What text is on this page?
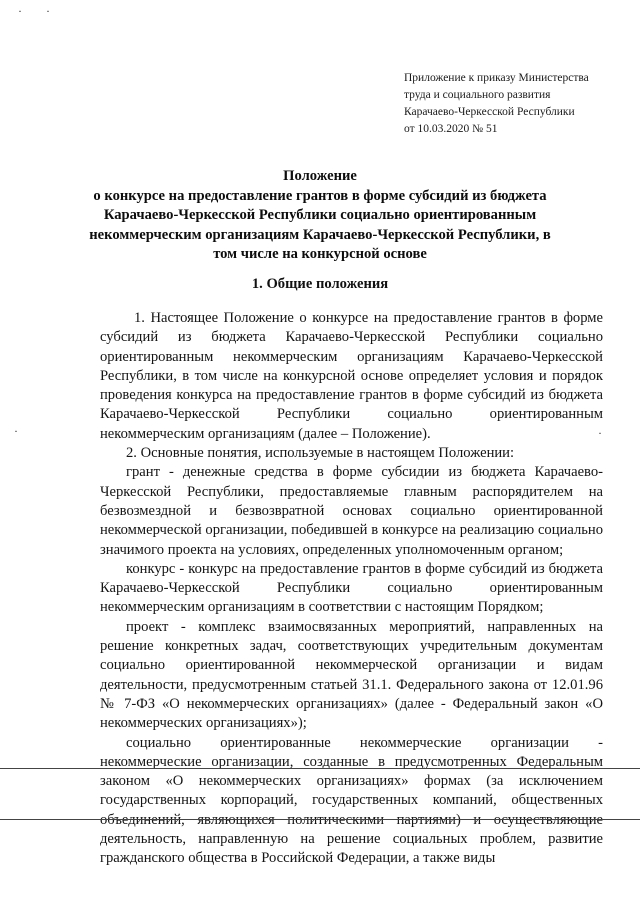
· ·
·	·
Приложение к приказу Министерства
труда и социального развития
Карачаево-Черкесской Республики
от 10.03.2020 № 51
Положение
о конкурсе на предоставление грантов в форме субсидий из бюджета
Карачаево-Черкесской Республики социально ориентированным
некоммерческим организациям Карачаево-Черкесской Республики, в
том числе на конкурсной основе
1. Общие положения

1. Настоящее Положение о конкурсе на предоставление грантов в форме субсидий из бюджета Карачаево-Черкесской Республики социально ориентированным некоммерческим организациям Карачаево-Черкесской Республики, в том числе на конкурсной основе определяет условия и порядок проведения конкурса на предоставление грантов в форме субсидий из бюджета Карачаево-Черкесской Республики социально ориентированным некоммерческим организациям (далее – Положение).

2. Основные понятия, используемые в настоящем Положении:

грант - денежные средства в форме субсидии из бюджета Карачаево-Черкесской Республики, предоставляемые главным распорядителем на безвозмездной и безвозвратной основах социально ориентированной некоммерческой организации, победившей в конкурсе на реализацию социально значимого проекта на условиях, определенных уполномоченным органом;

конкурс - конкурс на предоставление грантов в форме субсидий из бюджета Карачаево-Черкесской Республики социально ориентированным некоммерческим организациям в соответствии с настоящим Порядком;

проект - комплекс взаимосвязанных мероприятий, направленных на решение конкретных задач, соответствующих учредительным документам социально ориентированной некоммерческой организации и видам деятельности, предусмотренным статьей 31.1. Федерального закона от 12.01.96 № 7-ФЗ «О некоммерческих организациях» (далее - Федеральный закон «О некоммерческих организациях»);

социально ориентированные некоммерческие организации - некоммерческие организации, созданные в предусмотренных Федеральным законом «О некоммерческих организациях» формах (за исключением государственных корпораций, государственных компаний, общественных объединений, являющихся политическими партиями) и осуществляющие деятельность, направленную на решение социальных проблем, развитие гражданского общества в Российской Федерации, а также виды
